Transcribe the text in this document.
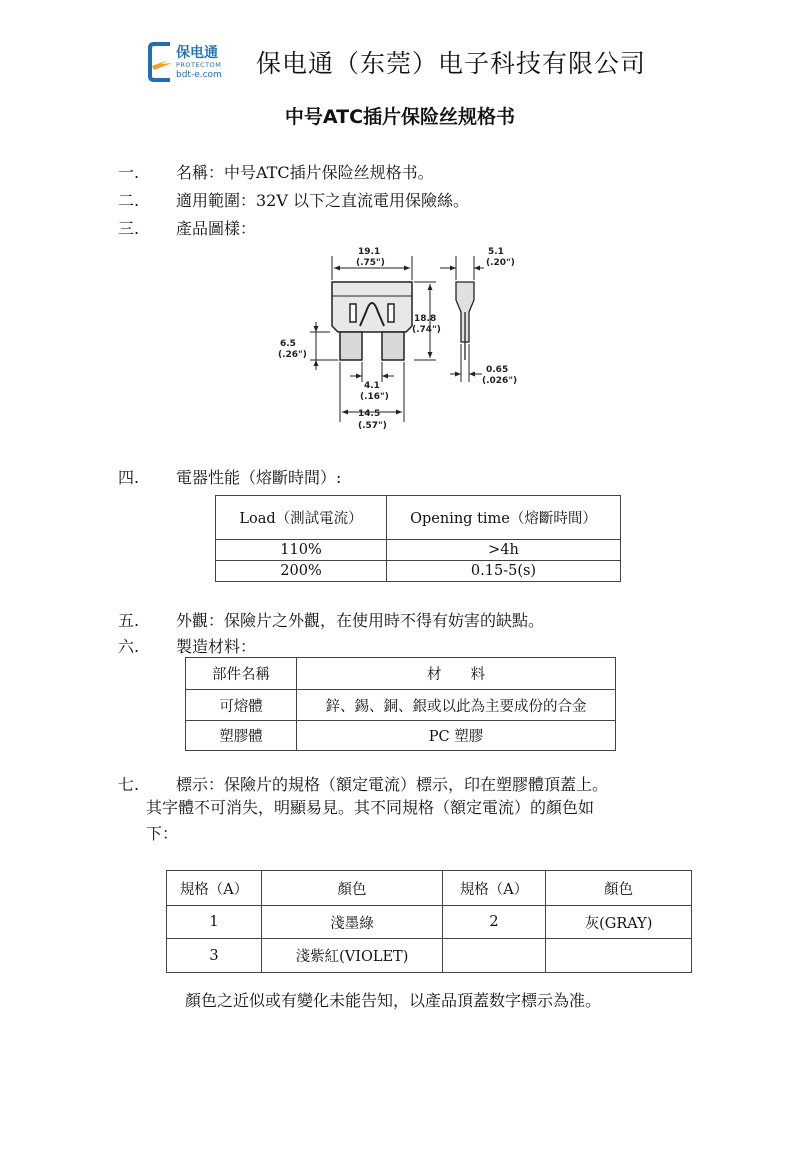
保电通
PROTECTOM
bdt-e.com 保电通（东莞）电子科技有限公司
中号ATC插片保险丝规格书
一. 名稱：中号ATC插片保险丝规格书。
二. 適用範圍：32V 以下之直流電用保險絲。
三. 產品圖樣：
19.1
(.75")
5.1
(.20")
18.8
(.74")
6.5
(.26")
0.65
(.026")
4.1
(.16")
14.5
(.57")
四. 電器性能（熔斷時間）:
Load（測試電流）	Opening time（熔斷時間）
110%	>4h
200%	0.15-5(s)
五. 外觀：保險片之外觀，在使用時不得有妨害的缺點。
六. 製造材料：
部件名稱	材　　料
可熔體	鋅、錫、銅、銀或以此為主要成份的合金
塑膠體	PC 塑膠
七. 標示：保險片的規格（額定電流）標示，印在塑膠體頂蓋上。
其字體不可消失，明顯易見。其不同規格（額定電流）的顏色如
下：
規格（A）	顏色	規格（A）	顏色
1	淺墨綠	2	灰(GRAY)
3	淺紫紅(VIOLET)		
顏色之近似或有變化未能告知，以產品頂蓋数字標示為准。
